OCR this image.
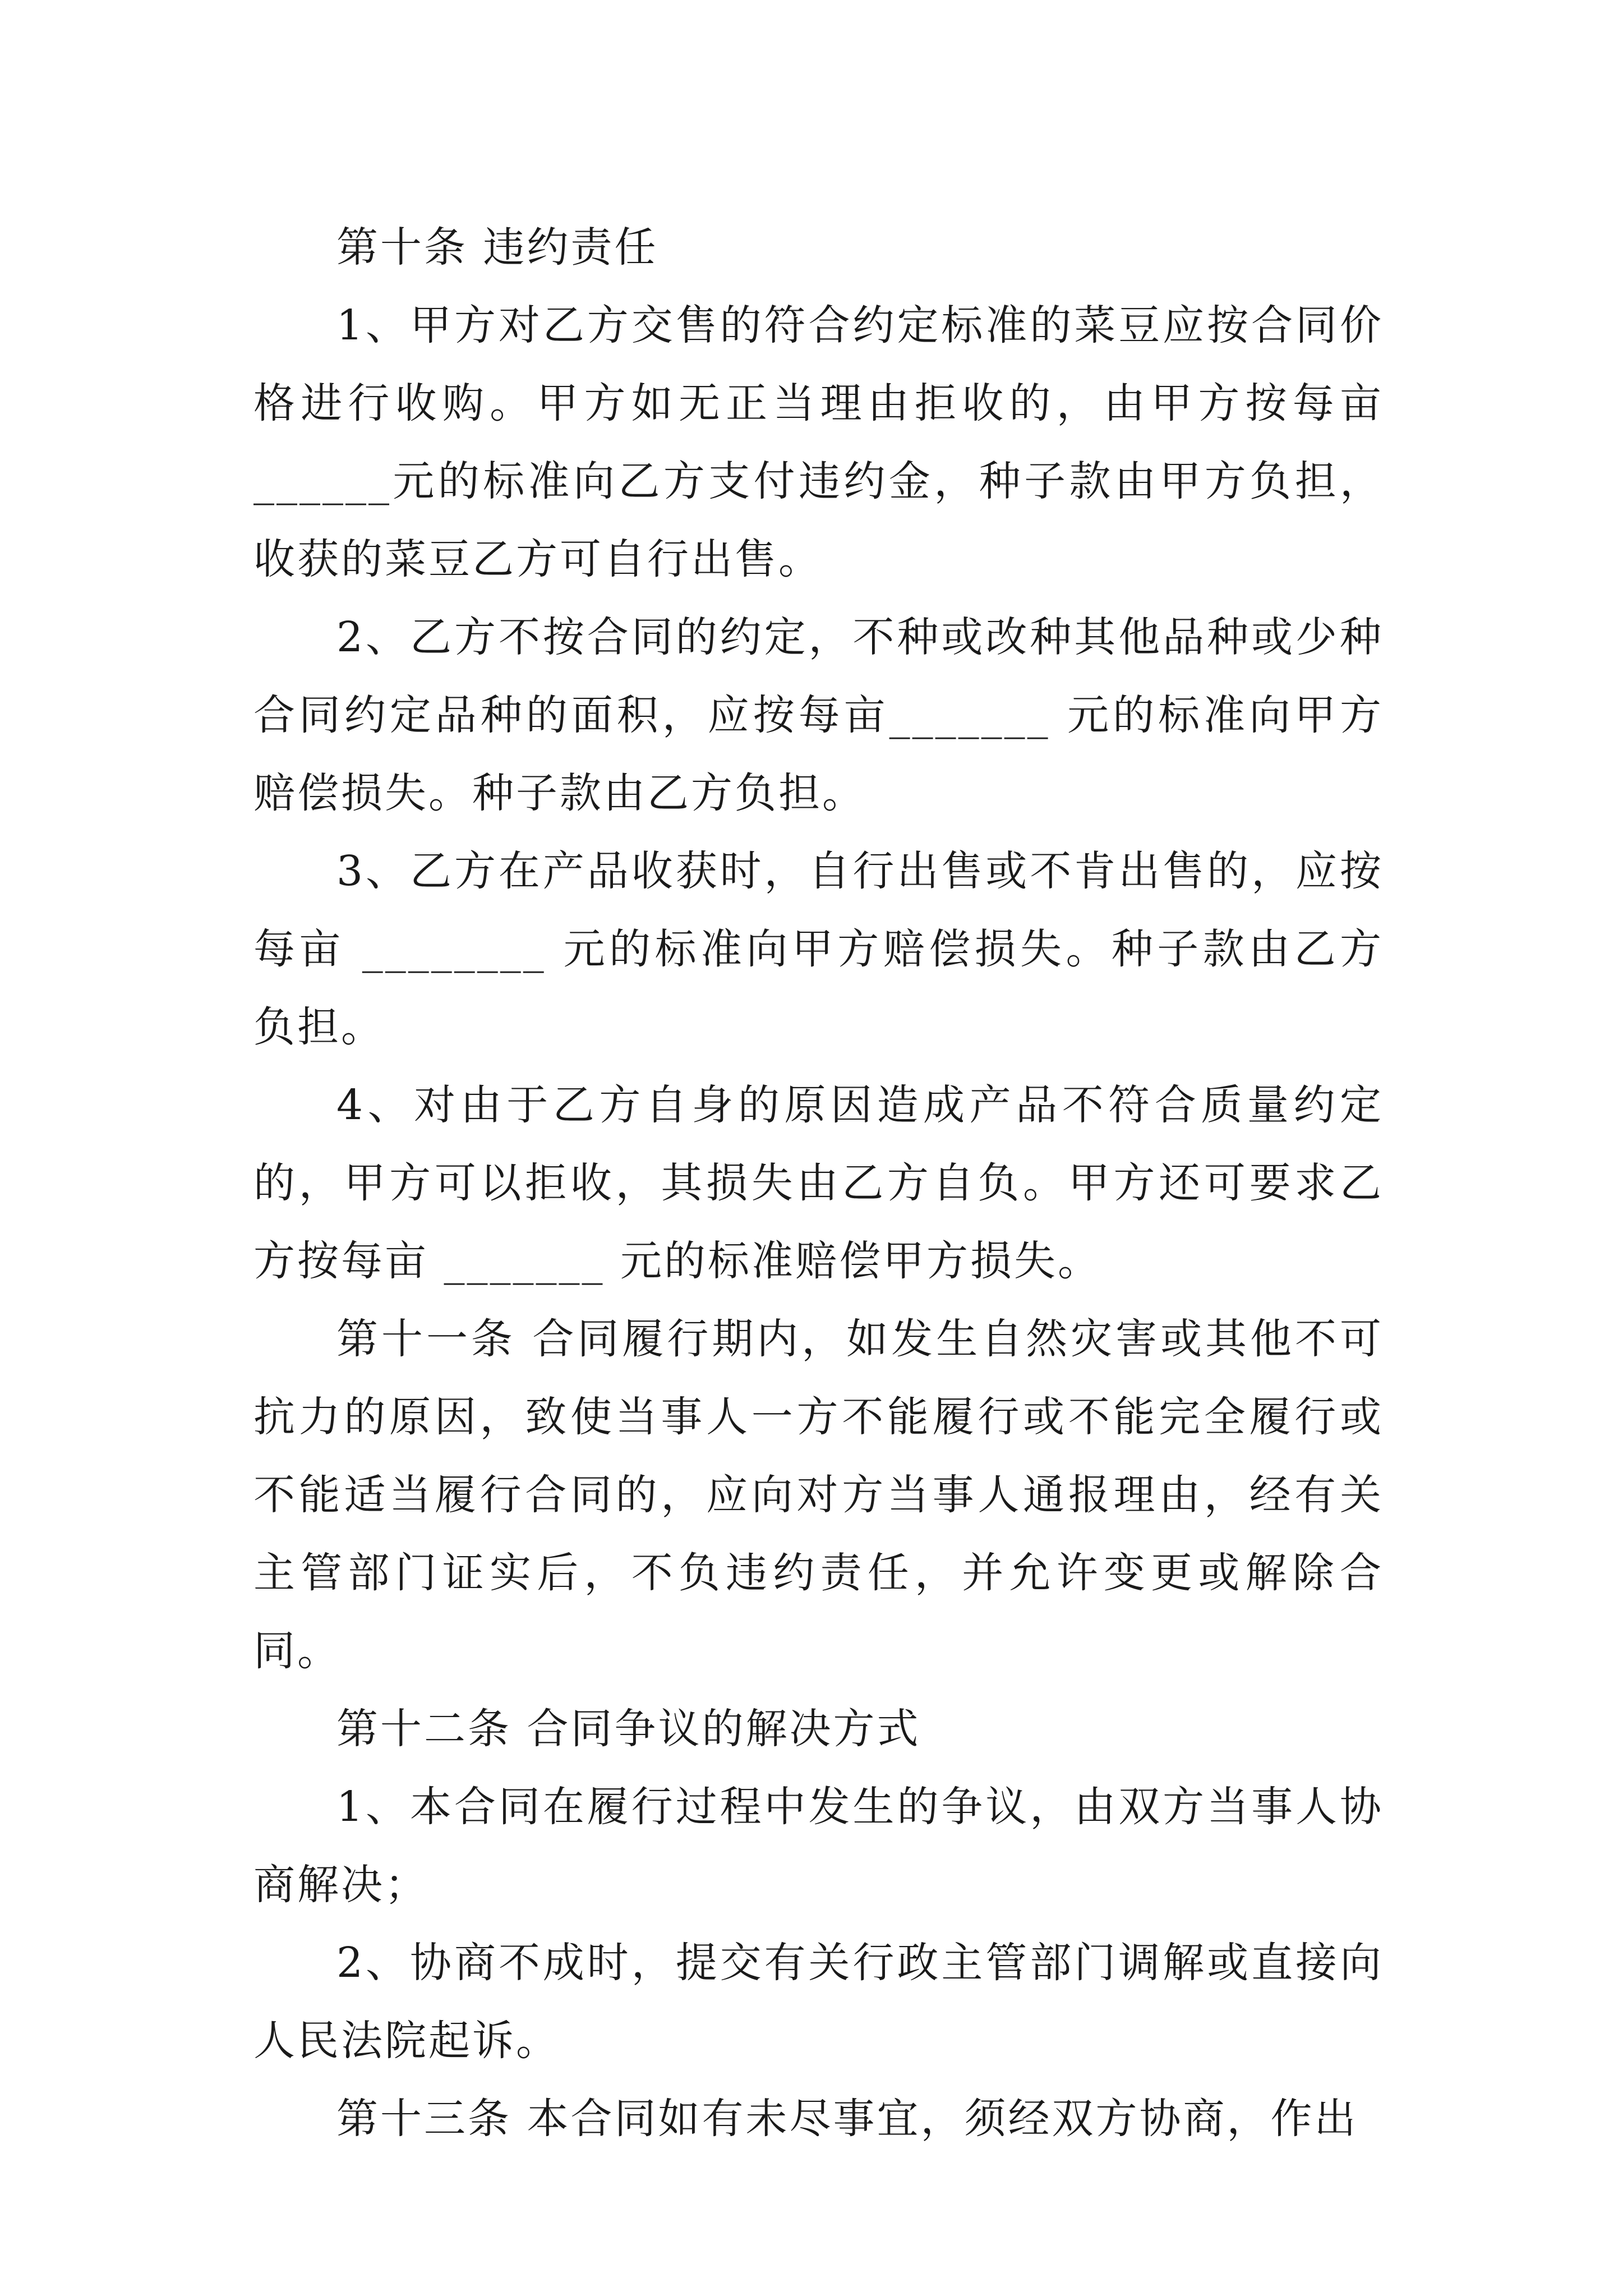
第十条 违约责任

1、甲方对乙方交售的符合约定标准的菜豆应按合同价格进行收购。甲方如无正当理由拒收的，由甲方按每亩______元的标准向乙方支付违约金，种子款由甲方负担，收获的菜豆乙方可自行出售。

2、乙方不按合同的约定，不种或改种其他品种或少种合同约定品种的面积，应按每亩_______ 元的标准向甲方赔偿损失。种子款由乙方负担。

3、乙方在产品收获时，自行出售或不肯出售的，应按每亩 ________ 元的标准向甲方赔偿损失。种子款由乙方负担。

4、对由于乙方自身的原因造成产品不符合质量约定的，甲方可以拒收，其损失由乙方自负。甲方还可要求乙方按每亩 _______ 元的标准赔偿甲方损失。

第十一条 合同履行期内，如发生自然灾害或其他不可抗力的原因，致使当事人一方不能履行或不能完全履行或不能适当履行合同的，应向对方当事人通报理由，经有关主管部门证实后，不负违约责任，并允许变更或解除合同。

第十二条 合同争议的解决方式

1、本合同在履行过程中发生的争议，由双方当事人协商解决；

2、协商不成时，提交有关行政主管部门调解或直接向人民法院起诉。

第十三条 本合同如有未尽事宜，须经双方协商，作出
